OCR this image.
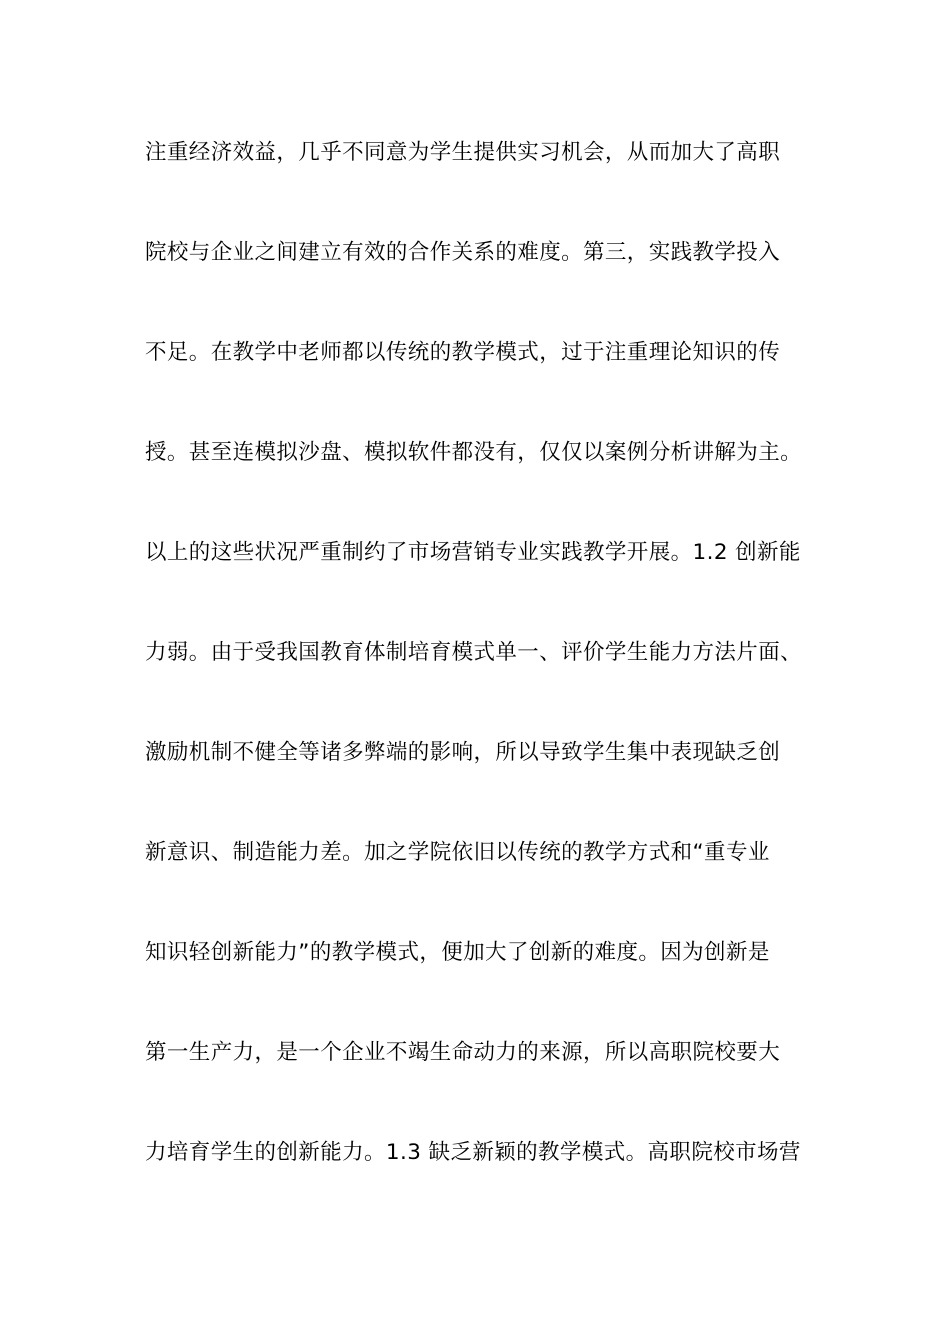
注重经济效益，几乎不同意为学生提供实习机会，从而加大了高职
院校与企业之间建立有效的合作关系的难度。第三，实践教学投入
不足。在教学中老师都以传统的教学模式，过于注重理论知识的传
授。甚至连模拟沙盘、模拟软件都没有，仅仅以案例分析讲解为主。
以上的这些状况严重制约了市场营销专业实践教学开展。1.2 创新能
力弱。由于受我国教育体制培育模式单一、评价学生能力方法片面、
激励机制不健全等诸多弊端的影响，所以导致学生集中表现缺乏创
新意识、制造能力差。加之学院依旧以传统的教学方式和“重专业
知识轻创新能力”的教学模式，便加大了创新的难度。因为创新是
第一生产力，是一个企业不竭生命动力的来源，所以高职院校要大
力培育学生的创新能力。1.3 缺乏新颖的教学模式。高职院校市场营
